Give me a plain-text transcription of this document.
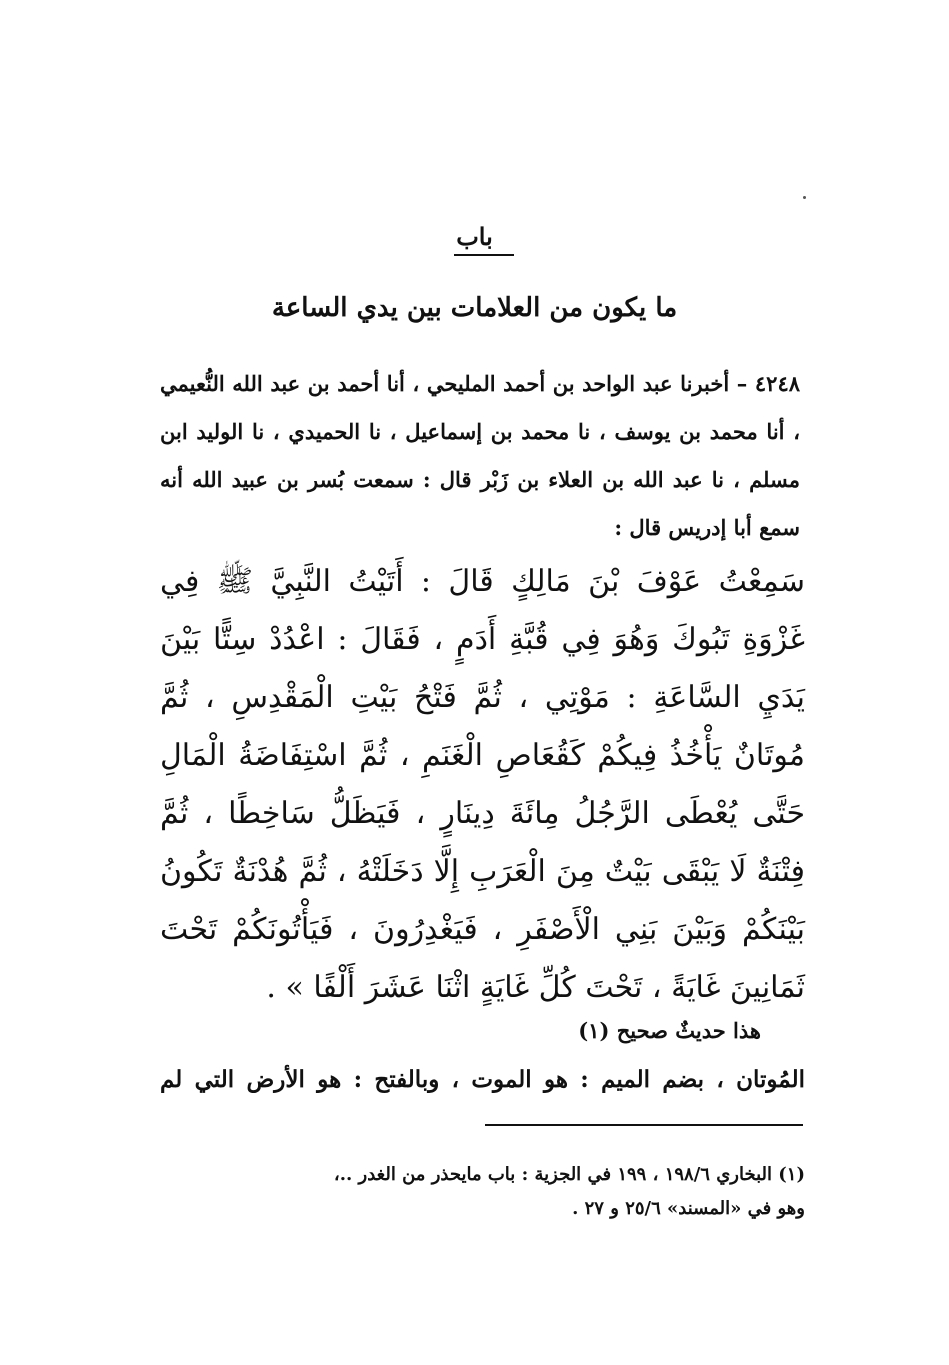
باب
ما يكون من العلامات بين يدي الساعة
٤٢٤٨ – أخبرنا عبد الواحد بن أحمد المليحي ، أنا أحمد بن عبد الله النُّعيمي ، أنا محمد بن يوسف ، نا محمد بن إسماعيل ، نا الحميدي ، نا الوليد ابن مسلم ، نا عبد الله بن العلاء بن زَبْر قال : سمعت بُسر بن عبيد الله أنه سمع أبا إدريس قال :
سَمِعْتُ عَوْفَ بْنَ مَالِكٍ قَالَ : أَتَيْتُ النَّبِيَّ ﷺ فِي غَزْوَةِ تَبُوكَ وَهُوَ فِي قُبَّةِ أَدَمٍ ، فَقَالَ : اعْدُدْ سِتًّا بَيْنَ يَدَيِ السَّاعَةِ : مَوْتِي ، ثُمَّ فَتْحُ بَيْتِ الْمَقْدِسِ ، ثُمَّ مُوتَانٌ يَأْخُذُ فِيكُمْ كَقُعَاصِ الْغَنَمِ ، ثُمَّ اسْتِفَاضَةُ الْمَالِ حَتَّى يُعْطَى الرَّجُلُ مِائَةَ دِينَارٍ ، فَيَظَلُّ سَاخِطًا ، ثُمَّ فِتْنَةٌ لَا يَبْقَى بَيْتٌ مِنَ الْعَرَبِ إِلَّا دَخَلَتْهُ ، ثُمَّ هُدْنَةٌ تَكُونُ بَيْنَكُمْ وَبَيْنَ بَنِي الْأَصْفَرِ ، فَيَغْدِرُونَ ، فَيَأْتُونَكُمْ تَحْتَ ثَمَانِينَ غَايَةً ، تَحْتَ كُلِّ غَايَةٍ اثْنَا عَشَرَ أَلْفًا » .
هذا حديثٌ صحيح (١)
المُوتان ، بضم الميم : هو الموت ، وبالفتح : هو الأرض التي لم
(١) البخاري ١٩٨/٦ ، ١٩٩ في الجزية : باب مايحذر من الغدر ..،
وهو في «المسند» ٢٥/٦ و ٢٧ .
